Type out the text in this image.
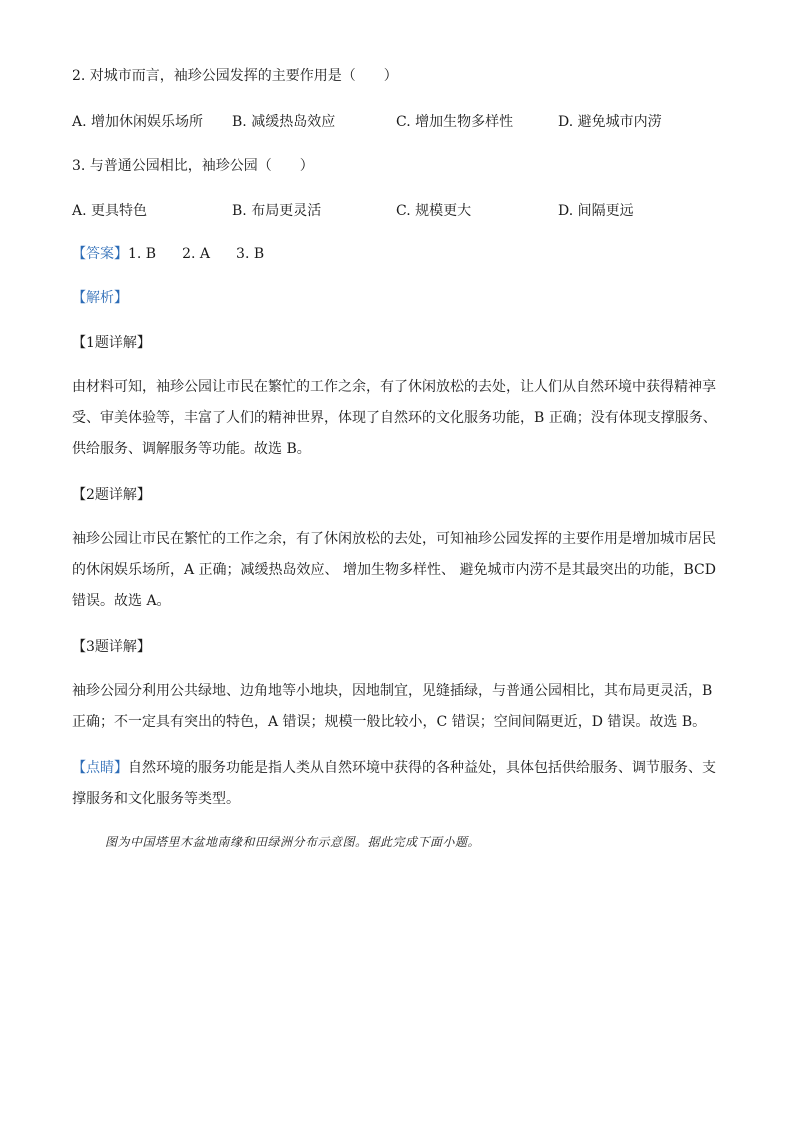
2. 对城市而言，袖珍公园发挥的主要作用是（　　）
A. 增加休闲娱乐场所 B. 减缓热岛效应	C. 增加生物多样性	D. 避免城市内涝
3. 与普通公园相比，袖珍公园（　　）
A. 更具特色	B. 布局更灵活	C. 规模更大	D. 间隔更远
【答案】1. B 2. A 3. B
【解析】
【1题详解】
由材料可知，袖珍公园让市民在繁忙的工作之余，有了休闲放松的去处，让人们从自然环境中获得精神享受、审美体验等，丰富了人们的精神世界，体现了自然环的文化服务功能，B 正确；没有体现支撑服务、供给服务、调解服务等功能。故选 B。
【2题详解】
袖珍公园让市民在繁忙的工作之余，有了休闲放松的去处，可知袖珍公园发挥的主要作用是增加城市居民的休闲娱乐场所，A 正确；减缓热岛效应、 增加生物多样性、 避免城市内涝不是其最突出的功能，BCD 错误。故选 A。
【3题详解】
袖珍公园分利用公共绿地、边角地等小地块，因地制宜，见缝插绿，与普通公园相比，其布局更灵活，B 正确；不一定具有突出的特色，A 错误；规模一般比较小，C 错误；空间间隔更近，D 错误。故选 B。
【点睛】自然环境的服务功能是指人类从自然环境中获得的各种益处，具体包括供给服务、调节服务、支撑服务和文化服务等类型。
图为中国塔里木盆地南缘和田绿洲分布示意图。据此完成下面小题。
